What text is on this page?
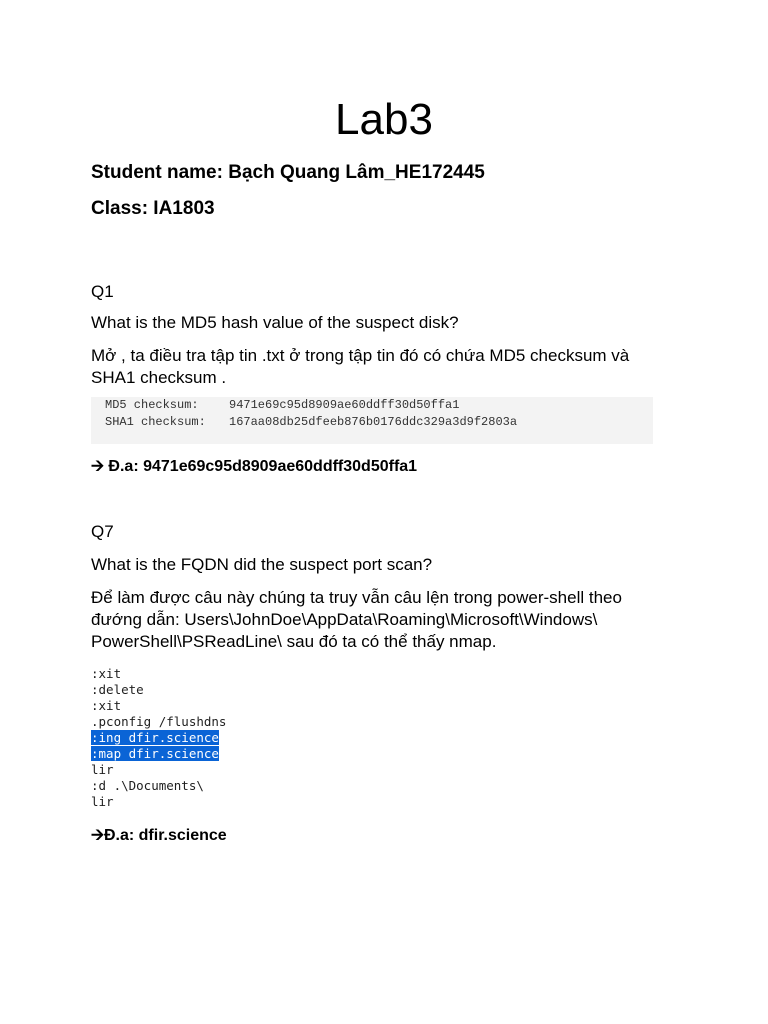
Lab3
Student name: Bạch Quang Lâm_HE172445
Class: IA1803
Q1
What is the MD5 hash value of the suspect disk?
Mở , ta điều tra tập tin .txt ở trong tập tin đó có chứa MD5 checksum và SHA1 checksum .
MD5 checksum:	9471e69c95d8909ae60ddff30d50ffa1
SHA1 checksum: 167aa08db25dfeeb876b0176ddc329a3d9f2803a
🡪 Đ.a: 9471e69c95d8909ae60ddff30d50ffa1
Q7
What is the FQDN did the suspect port scan?
Để làm được câu này chúng ta truy vẫn câu lện trong power-shell theo đướng dẫn: Users\JohnDoe\AppData\Roaming\Microsoft\Windows\ PowerShell\PSReadLine\ sau đó ta có thể thấy nmap.
:xit
:delete
:xit
.pconfig /flushdns
:ing dfir.science
:map dfir.science
lir
:d .\Documents\
lir
🡪Đ.a: dfir.science
